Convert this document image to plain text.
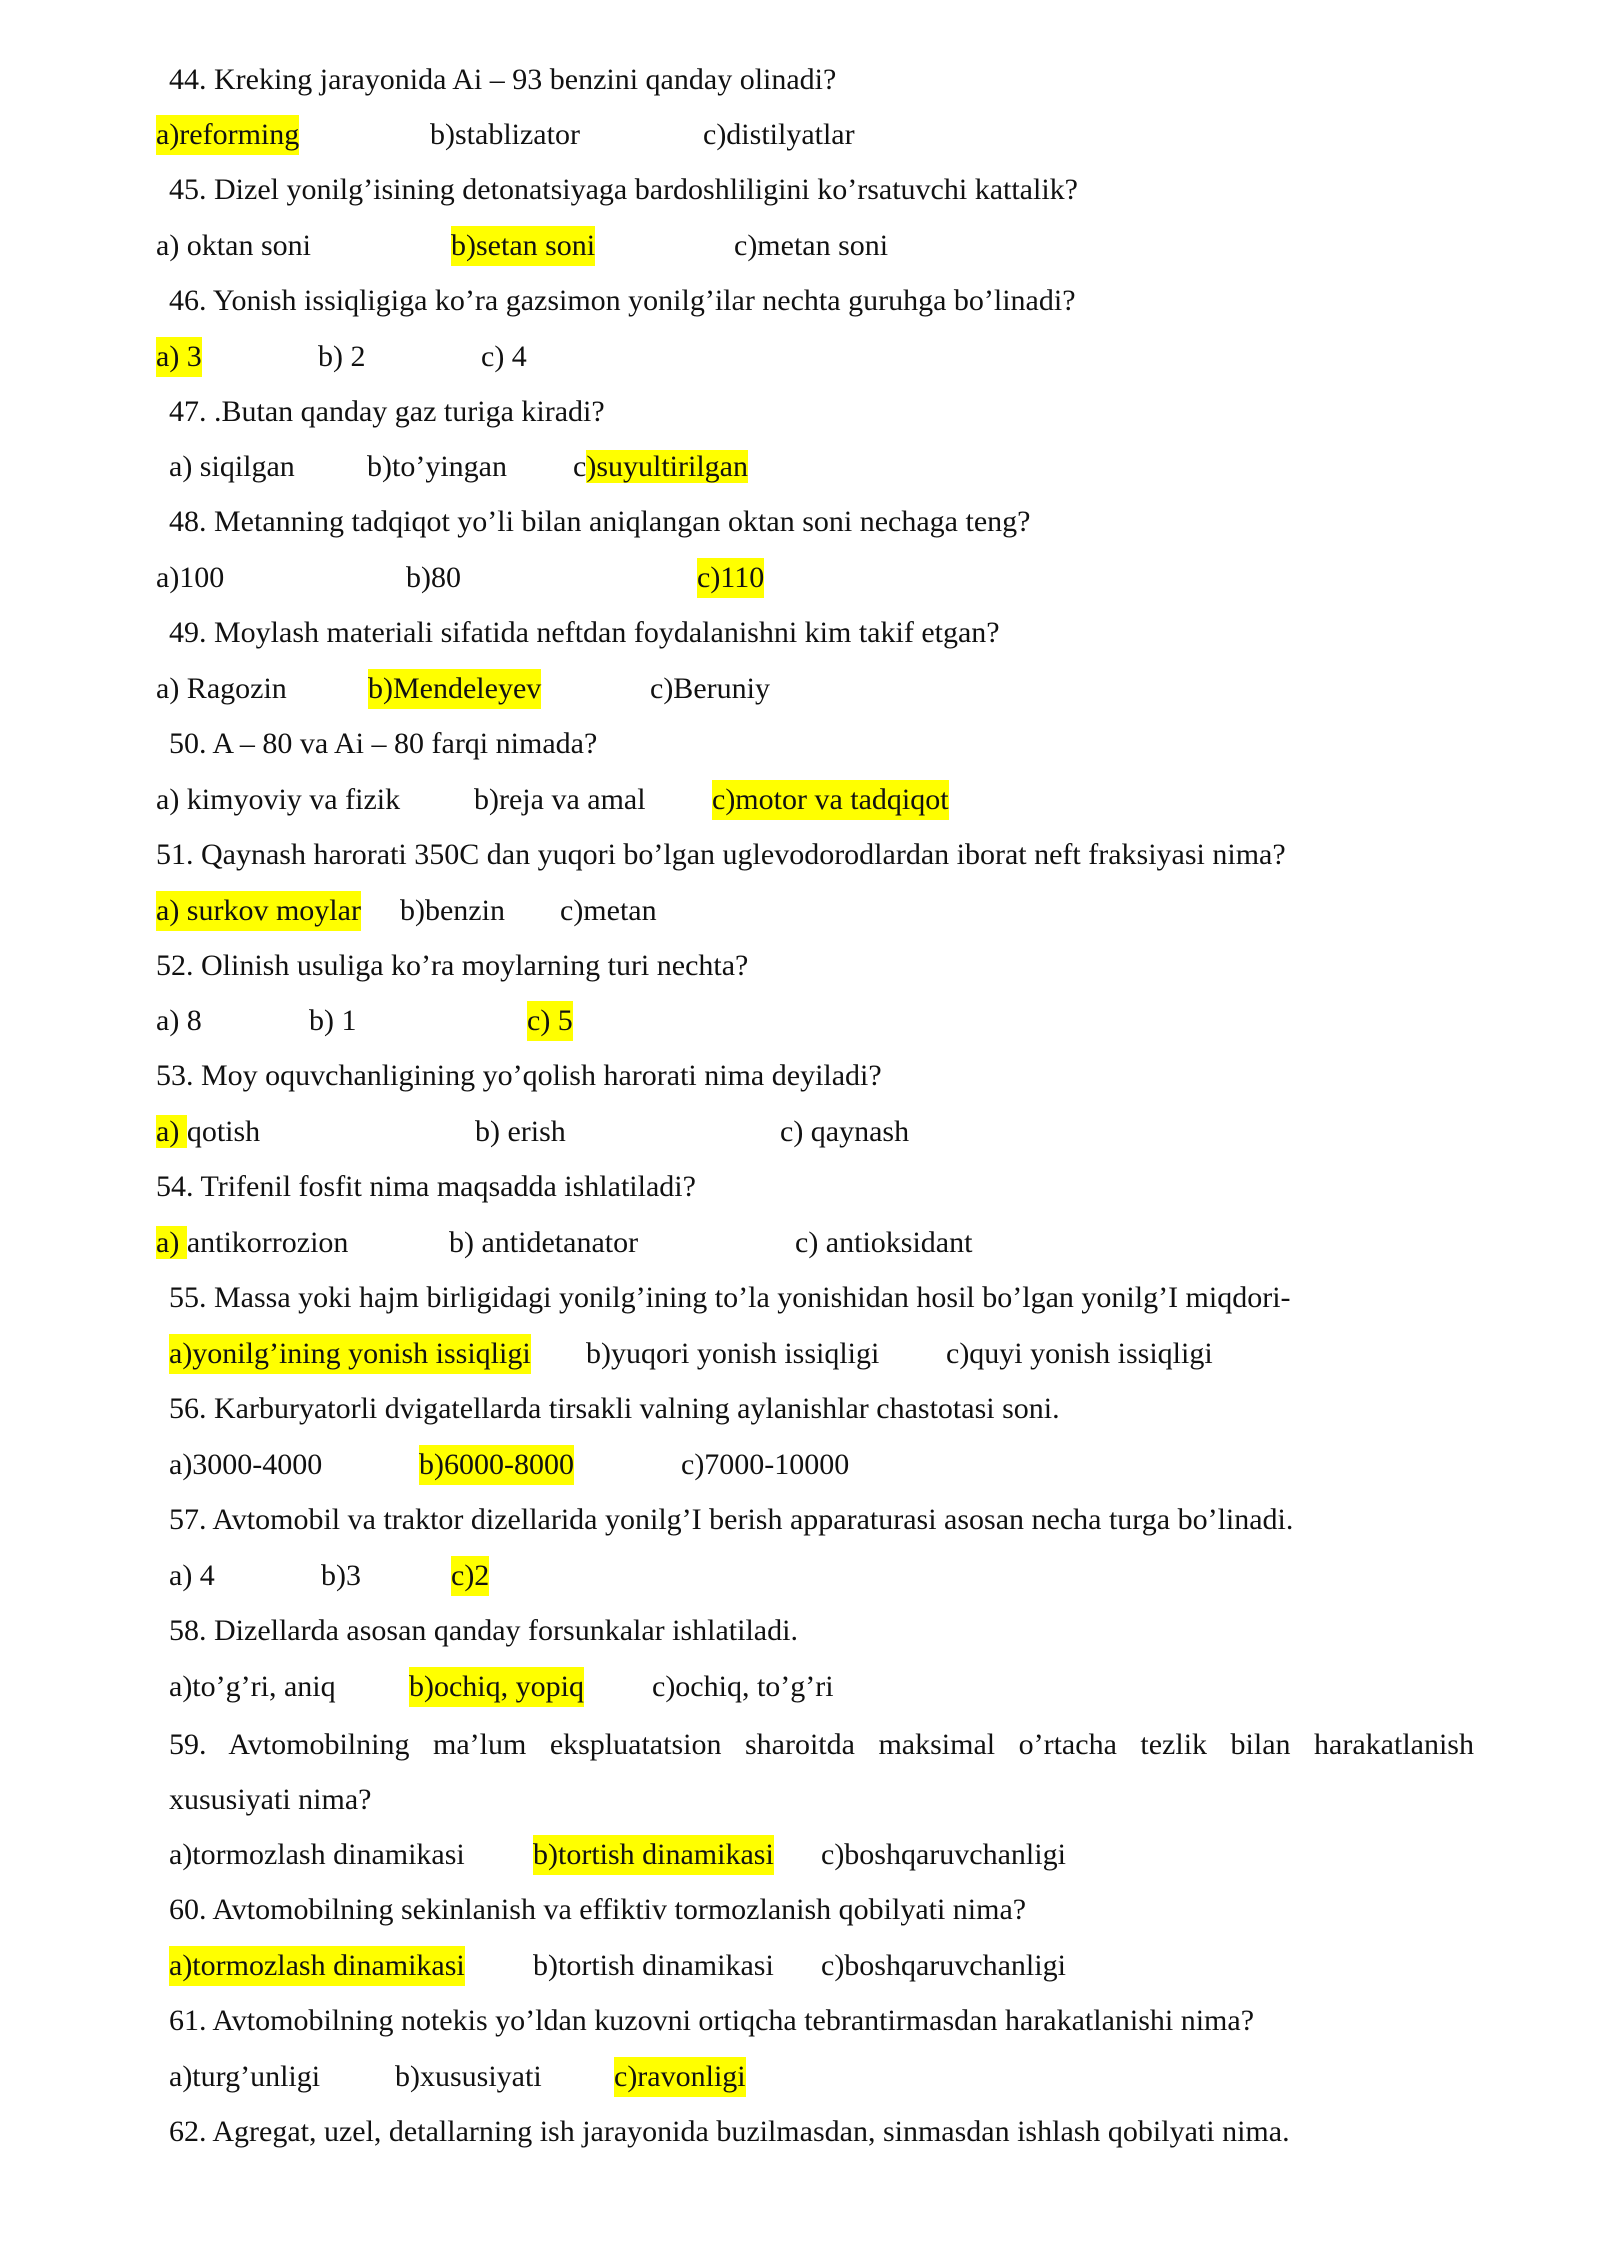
44. Kreking jarayonida Ai – 93 benzini qanday olinadi?
a)reforming	b)stablizator	c)distilyatlar
45. Dizel yonilg’isining detonatsiyaga bardoshliligini ko’rsatuvchi kattalik?
a) oktan soni	b)setan soni	c)metan soni
46. Yonish issiqligiga ko’ra gazsimon yonilg’ilar nechta guruhga bo’linadi?
a) 3	b) 2	c) 4
47. .Butan qanday gaz turiga kiradi?
a) siqilgan b)to’yingan c)suyultirilgan
48. Metanning tadqiqot yo’li bilan aniqlangan oktan soni nechaga teng?
a)100	b)80	c)110
49. Moylash materiali sifatida neftdan foydalanishni kim takif etgan?
a) Ragozin	b)Mendeleyev	c)Beruniy
50. A – 80 va Ai – 80 farqi nimada?
a) kimyoviy va fizik b)reja va amal c)motor va tadqiqot
51. Qaynash harorati 350C dan yuqori bo’lgan uglevodorodlardan iborat neft fraksiyasi nima?
a) surkov moylar b)benzin c)metan
52. Olinish usuliga ko’ra moylarning turi nechta?
a) 8	b) 1	c) 5
53. Moy oquvchanligining yo’qolish harorati nima deyiladi?
a) qotish	b) erish	c) qaynash
54. Trifenil fosfit nima maqsadda ishlatiladi?
a) antikorrozion	b) antidetanator	c) antioksidant
55. Massa yoki hajm birligidagi yonilg’ining to’la yonishidan hosil bo’lgan yonilg’I miqdori-
a)yonilg’ining yonish issiqligi b)yuqori yonish issiqligi c)quyi yonish issiqligi
56. Karburyatorli dvigatellarda tirsakli valning aylanishlar chastotasi soni.
a)3000-4000	b)6000-8000	c)7000-10000
57. Avtomobil va traktor dizellarida yonilg’I berish apparaturasi asosan necha turga bo’linadi.
a) 4	b)3	c)2
58. Dizellarda asosan qanday forsunkalar ishlatiladi.
a)to’g’ri, aniq b)ochiq, yopiq c)ochiq, to’g’ri
59. Avtomobilning ma’lum ekspluatatsion sharoitda maksimal o’rtacha tezlik bilan harakatlanish
xususiyati nima?
a)tormozlash dinamikasi b)tortish dinamikasi c)boshqaruvchanligi
60. Avtomobilning sekinlanish va effiktiv tormozlanish qobilyati nima?
a)tormozlash dinamikasi b)tortish dinamikasi c)boshqaruvchanligi
61. Avtomobilning notekis yo’ldan kuzovni ortiqcha tebrantirmasdan harakatlanishi nima?
a)turg’unligi b)xususiyati c)ravonligi
62. Agregat, uzel, detallarning ish jarayonida buzilmasdan, sinmasdan ishlash qobilyati nima.
